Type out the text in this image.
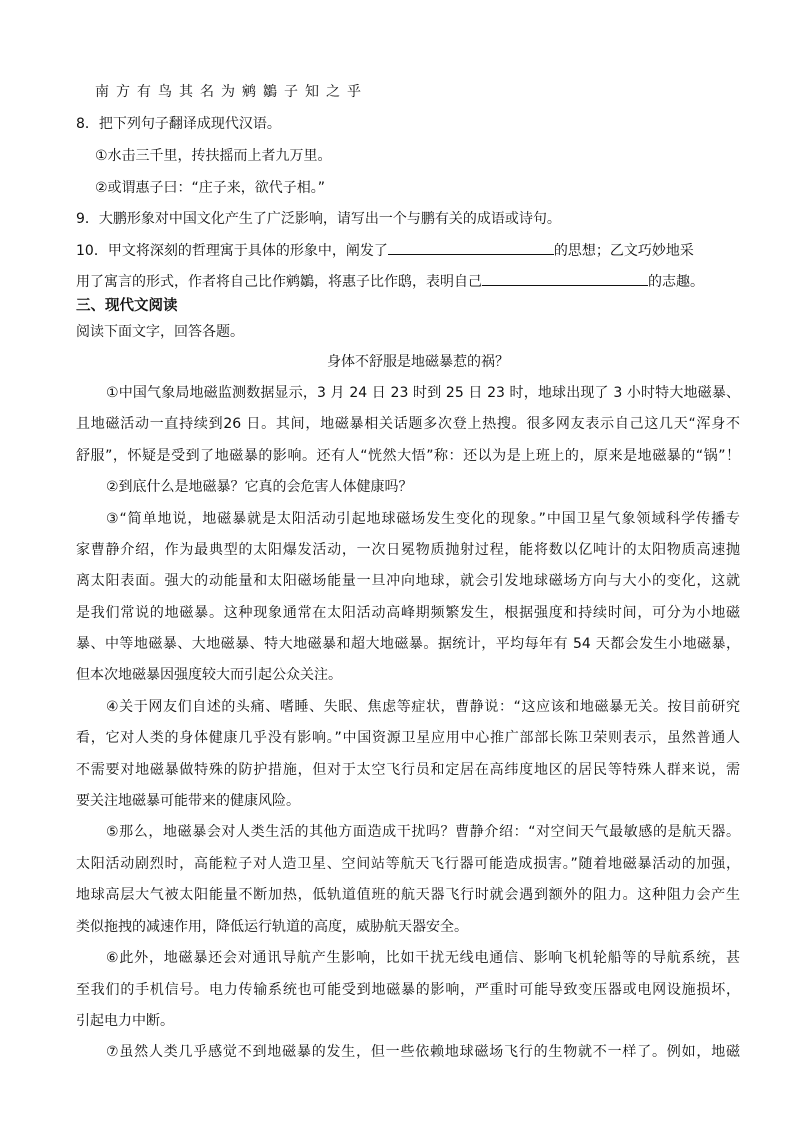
南方有鸟其名为鹓鶵子知之乎
8．把下列句子翻译成现代汉语。
①水击三千里，抟扶摇而上者九万里。
②或谓惠子曰：“庄子来，欲代子相。”
9．大鹏形象对中国文化产生了广泛影响，请写出一个与鹏有关的成语或诗句。
10．甲文将深刻的哲理寓于具体的形象中，阐发了	的思想；乙文巧妙地采
用了寓言的形式，作者将自己比作鹓鶵，将惠子比作鸱，表明自己	的志趣。
三、现代文阅读
阅读下面文字，回答各题。
身体不舒服是地磁暴惹的祸？
①中国气象局地磁监测数据显示，3 月 24 日 23 时到 25 日 23 时，地球出现了 3 小时特大地磁暴、
且地磁活动一直持续到26 日。其间，地磁暴相关话题多次登上热搜。很多网友表示自己这几天“浑身不
舒服”，怀疑是受到了地磁暴的影响。还有人“恍然大悟”称：还以为是上班上的，原来是地磁暴的“锅”！
②到底什么是地磁暴？它真的会危害人体健康吗？
③“简单地说，地磁暴就是太阳活动引起地球磁场发生变化的现象。”中国卫星气象领域科学传播专
家曹静介绍，作为最典型的太阳爆发活动，一次日冕物质抛射过程，能将数以亿吨计的太阳物质高速抛
离太阳表面。强大的动能量和太阳磁场能量一旦冲向地球，就会引发地球磁场方向与大小的变化，这就
是我们常说的地磁暴。这种现象通常在太阳活动高峰期频繁发生，根据强度和持续时间，可分为小地磁
暴、中等地磁暴、大地磁暴、特大地磁暴和超大地磁暴。据统计，平均每年有 54 天都会发生小地磁暴，
但本次地磁暴因强度较大而引起公众关注。
④关于网友们自述的头痛、嗜睡、失眠、焦虑等症状，曹静说：“这应该和地磁暴无关。按目前研究
看，它对人类的身体健康几乎没有影响。”中国资源卫星应用中心推广部部长陈卫荣则表示，虽然普通人
不需要对地磁暴做特殊的防护措施，但对于太空飞行员和定居在高纬度地区的居民等特殊人群来说，需
要关注地磁暴可能带来的健康风险。
⑤那么，地磁暴会对人类生活的其他方面造成干扰吗？曹静介绍：“对空间天气最敏感的是航天器。
太阳活动剧烈时，高能粒子对人造卫星、空间站等航天飞行器可能造成损害。”随着地磁暴活动的加强，
地球高层大气被太阳能量不断加热，低轨道值班的航天器飞行时就会遇到额外的阻力。这种阻力会产生
类似拖拽的减速作用，降低运行轨道的高度，威胁航天器安全。
⑥此外，地磁暴还会对通讯导航产生影响，比如干扰无线电通信、影响飞机轮船等的导航系统，甚
至我们的手机信号。电力传输系统也可能受到地磁暴的影响，严重时可能导致变压器或电网设施损坏，
引起电力中断。
⑦虽然人类几乎感觉不到地磁暴的发生，但一些依赖地球磁场飞行的生物就不一样了。例如，地磁
